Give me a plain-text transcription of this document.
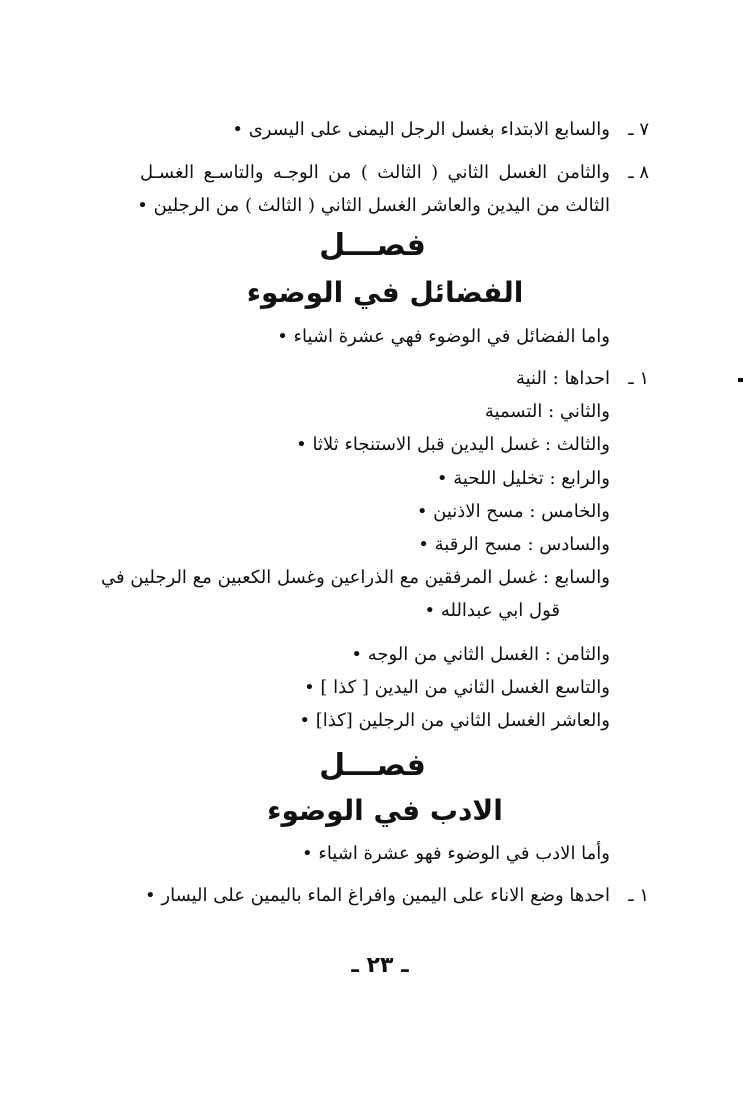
٧ ـ
والسابع الابتداء بغسل الرجل اليمنى على اليسرى •
٨ ـ
والثامن الغسل الثاني ( الثالث ) من الوجـه والتاسـع الغسـل
الثالث من اليدين والعاشر الغسل الثاني ( الثالث ) من الرجلين •
فصـــل
الفضائل في الوضوء
واما الفضائل في الوضوء فهي عشرة اشياء •
١ ـ
احداها : النية
والثاني : التسمية
والثالث : غسل اليدين قبل الاستنجاء ثلاثا •
والرابع : تخليل اللحية •
والخامس : مسح الاذنين •
والسادس : مسح الرقبة •
والسابع : غسل المرفقين مع الذراعين وغسل الكعبين مع الرجلين في
قول ابي عبدالله •
والثامن : الغسل الثاني من الوجه •
والتاسع الغسل الثاني من اليدين [ كذا ] •
والعاشر الغسل الثاني من الرجلين [كذا] •
فصـــل
الادب في الوضوء
وأما الادب في الوضوء فهو عشرة اشياء •
١ ـ
احدها وضع الاناء على اليمين وافراغ الماء باليمين على اليسار •
ـ ٢٣ ـ
